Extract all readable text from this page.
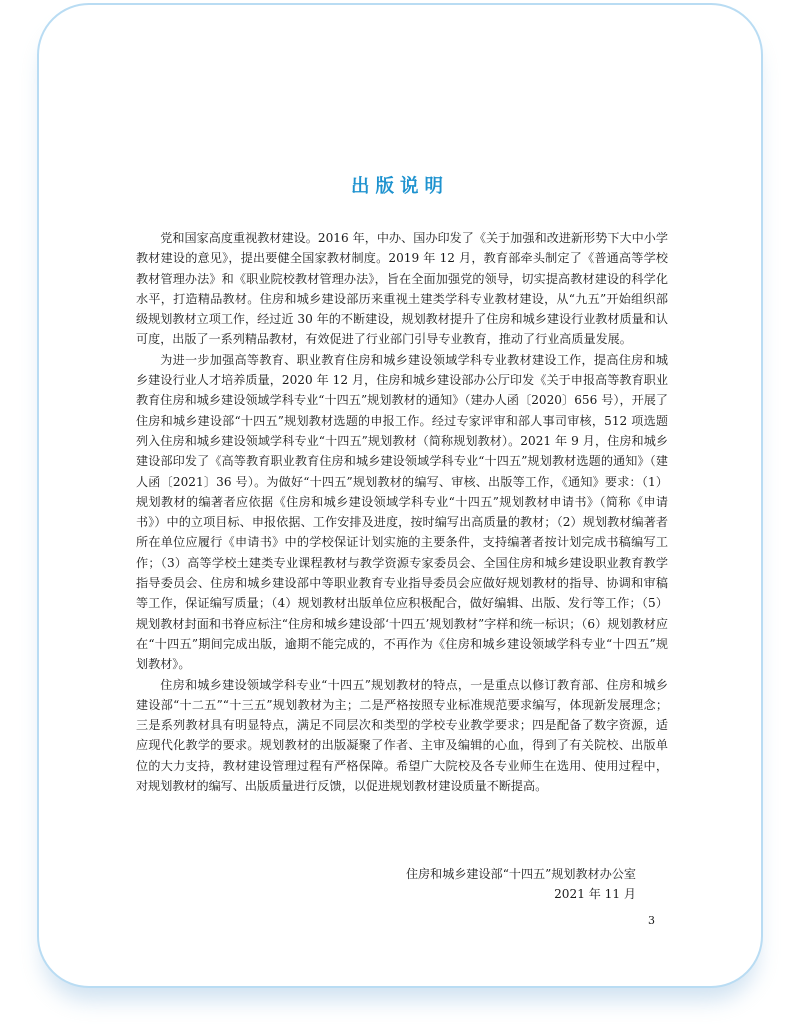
出版说明

党和国家高度重视教材建设。2016 年，中办、国办印发了《关于加强和改进新形势下大中小学教材建设的意见》，提出要健全国家教材制度。2019 年 12 月，教育部牵头制定了《普通高等学校教材管理办法》和《职业院校教材管理办法》，旨在全面加强党的领导，切实提高教材建设的科学化水平，打造精品教材。住房和城乡建设部历来重视土建类学科专业教材建设，从“九五”开始组织部级规划教材立项工作，经过近 30 年的不断建设，规划教材提升了住房和城乡建设行业教材质量和认可度，出版了一系列精品教材，有效促进了行业部门引导专业教育，推动了行业高质量发展。

为进一步加强高等教育、职业教育住房和城乡建设领域学科专业教材建设工作，提高住房和城乡建设行业人才培养质量，2020 年 12 月，住房和城乡建设部办公厅印发《关于申报高等教育职业教育住房和城乡建设领域学科专业“十四五”规划教材的通知》（建办人函〔2020〕656 号），开展了住房和城乡建设部“十四五”规划教材选题的申报工作。经过专家评审和部人事司审核，512 项选题列入住房和城乡建设领域学科专业“十四五”规划教材（简称规划教材）。2021 年 9 月，住房和城乡建设部印发了《高等教育职业教育住房和城乡建设领域学科专业“十四五”规划教材选题的通知》（建人函〔2021〕36 号）。为做好“十四五”规划教材的编写、审核、出版等工作，《通知》要求：（1）规划教材的编著者应依据《住房和城乡建设领域学科专业“十四五”规划教材申请书》（简称《申请书》）中的立项目标、申报依据、工作安排及进度，按时编写出高质量的教材；（2）规划教材编著者所在单位应履行《申请书》中的学校保证计划实施的主要条件，支持编著者按计划完成书稿编写工作；（3）高等学校土建类专业课程教材与教学资源专家委员会、全国住房和城乡建设职业教育教学指导委员会、住房和城乡建设部中等职业教育专业指导委员会应做好规划教材的指导、协调和审稿等工作，保证编写质量；（4）规划教材出版单位应积极配合，做好编辑、出版、发行等工作；（5）规划教材封面和书脊应标注“住房和城乡建设部‘十四五’规划教材”字样和统一标识；（6）规划教材应在“十四五”期间完成出版，逾期不能完成的，不再作为《住房和城乡建设领域学科专业“十四五”规划教材》。

住房和城乡建设领域学科专业“十四五”规划教材的特点，一是重点以修订教育部、住房和城乡建设部“十二五”“十三五”规划教材为主；二是严格按照专业标准规范要求编写，体现新发展理念；三是系列教材具有明显特点，满足不同层次和类型的学校专业教学要求；四是配备了数字资源，适应现代化教学的要求。规划教材的出版凝聚了作者、主审及编辑的心血，得到了有关院校、出版单位的大力支持，教材建设管理过程有严格保障。希望广大院校及各专业师生在选用、使用过程中，对规划教材的编写、出版质量进行反馈，以促进规划教材建设质量不断提高。

住房和城乡建设部“十四五”规划教材办公室
2021 年 11 月
3
